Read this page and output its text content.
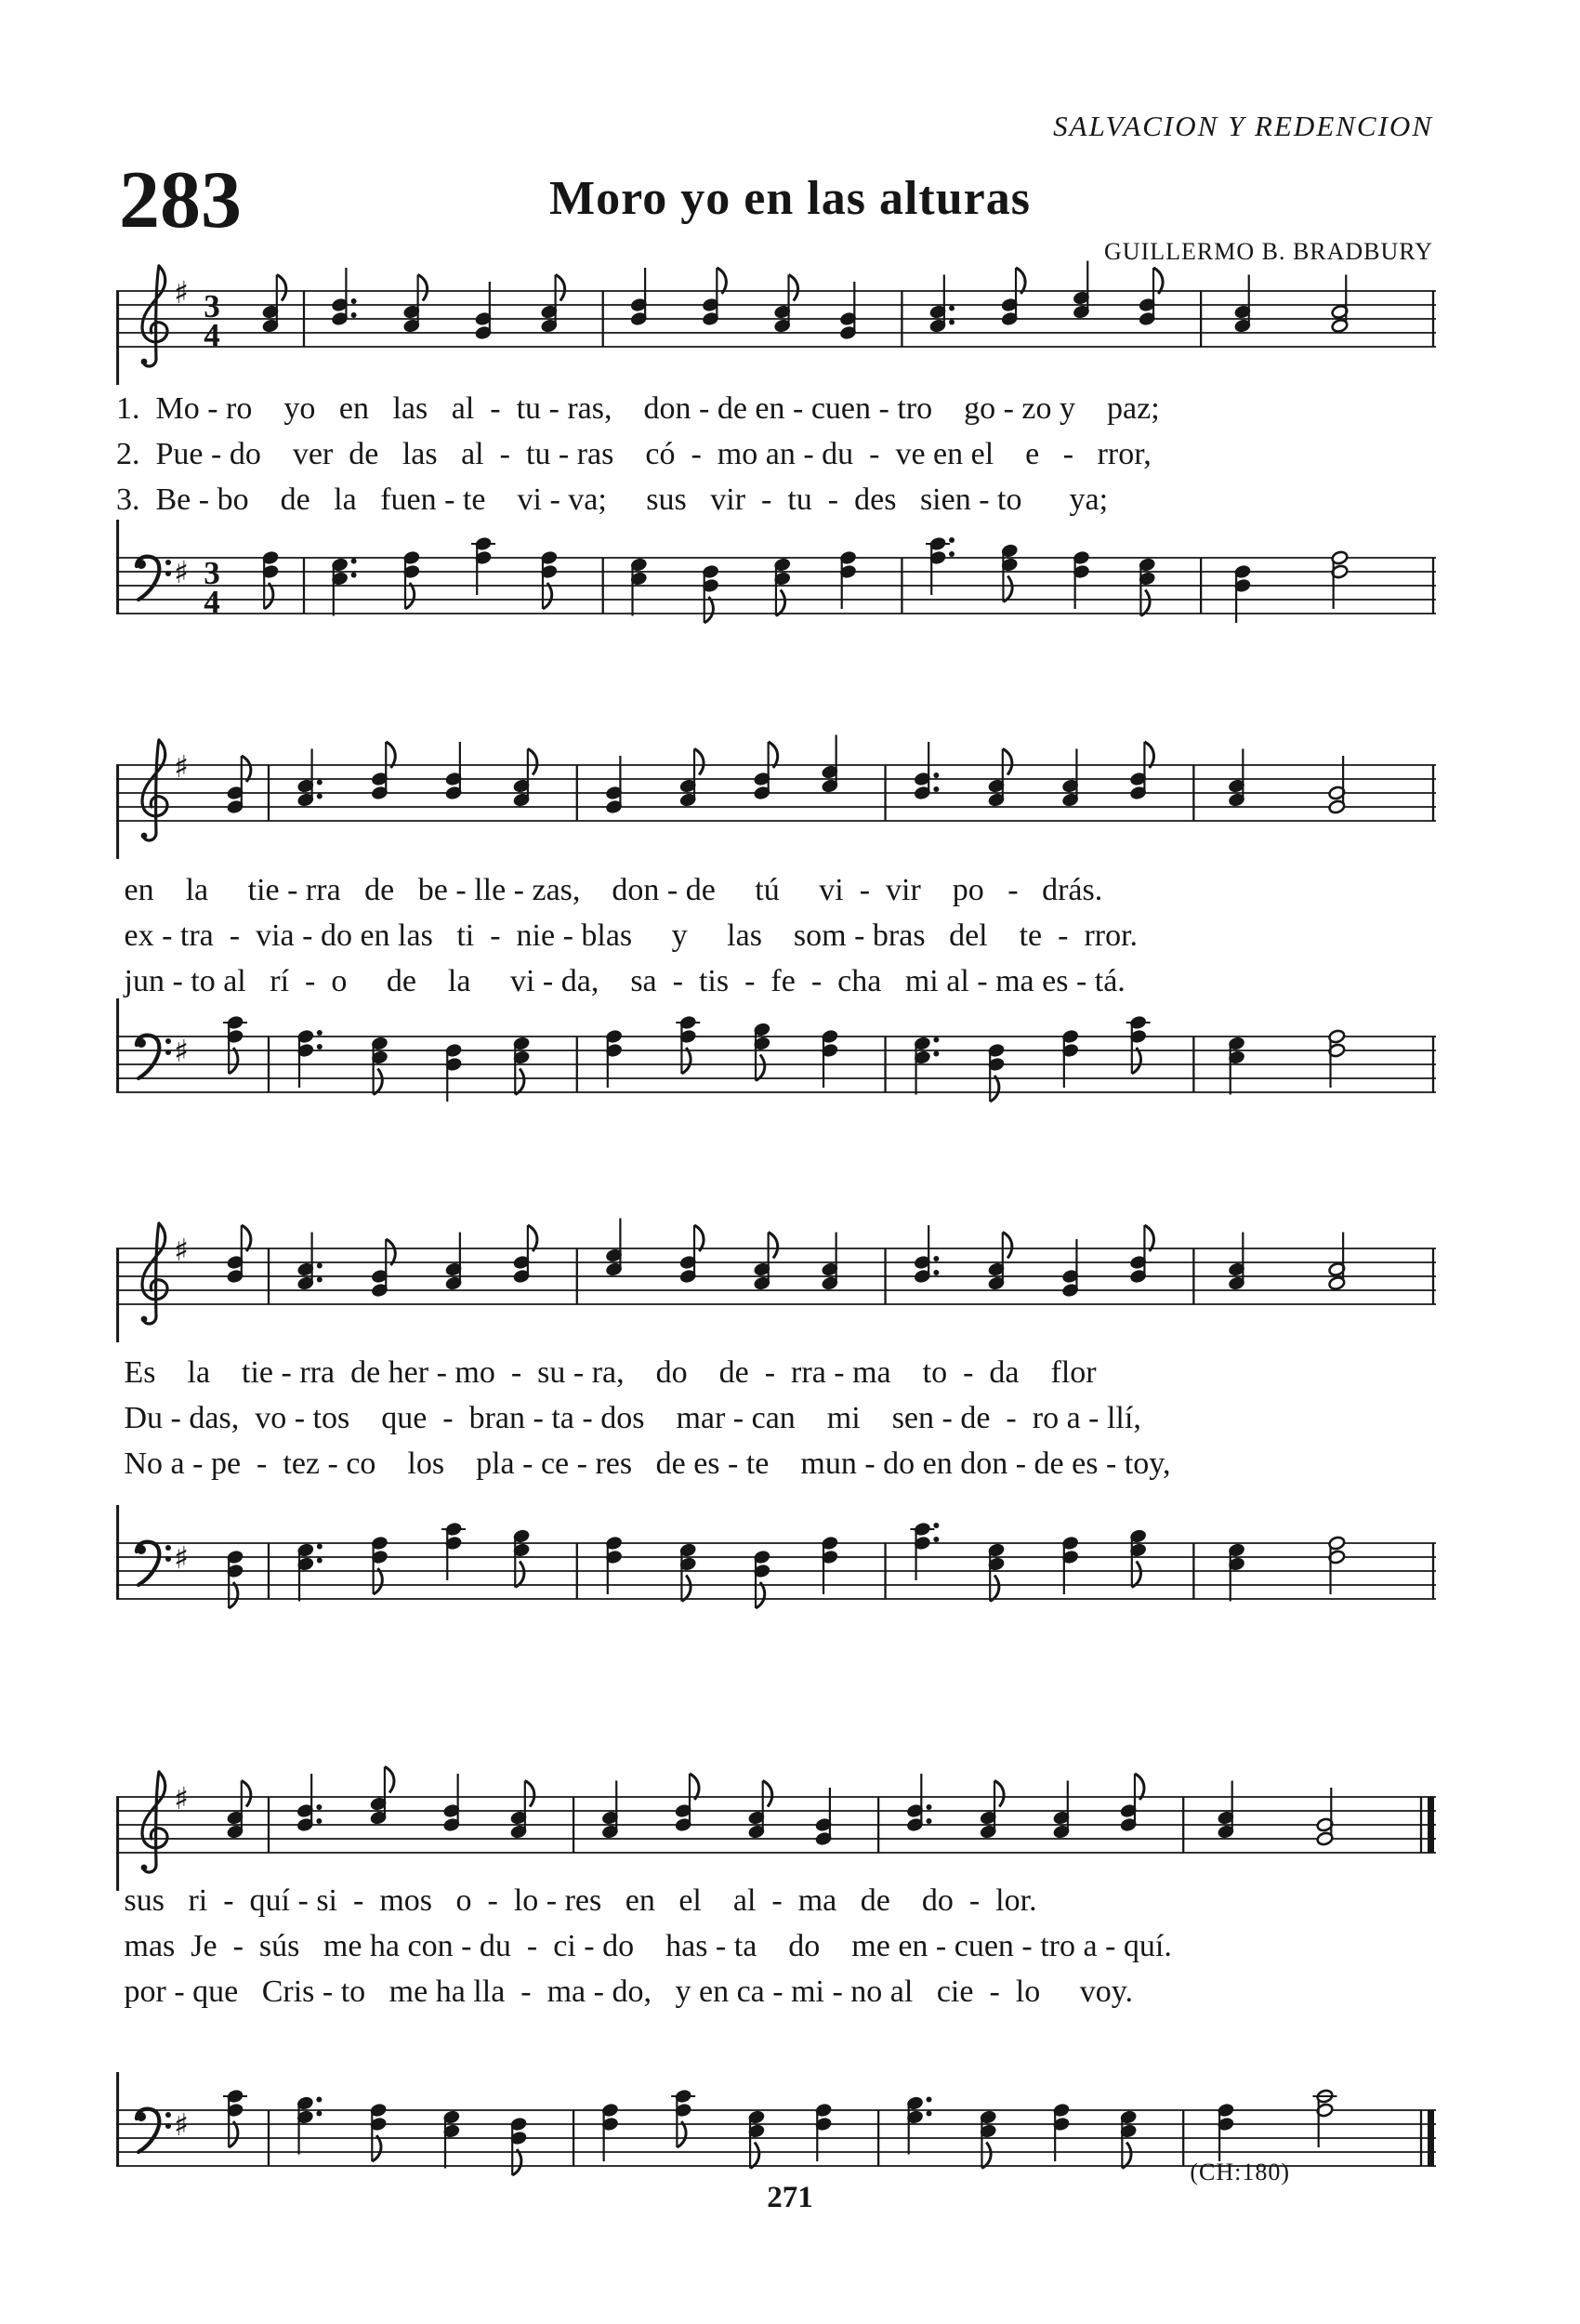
SALVACION Y REDENCION
283	Moro yo en las alturas
GUILLERMO B. BRADBURY
♯ 3
4

1.  Mo - ro    yo   en   las   al  -  tu - ras,    don - de en - cuen - tro    go - zo y    paz;

2.  Pue - do    ver  de   las   al  -  tu - ras    có  -  mo an - du  -  ve en el    e   -   rror,

3.  Be - bo    de   la   fuen - te    vi - va;     sus   vir  -  tu  -  des   sien - to      ya;

♯ 3
4
♯

en    la     tie - rra   de   be - lle - zas,    don - de     tú     vi  -  vir    po   -   drás.

ex - tra  -  via - do en las   ti  -  nie - blas     y     las    som - bras   del    te  -  rror.

jun - to al   rí  -  o     de    la     vi - da,    sa  -  tis  -  fe  -  cha   mi al - ma es - tá.

♯
♯

Es    la    tie - rra  de her - mo  -  su - ra,    do    de  -  rra - ma    to  -  da    flor

Du - das,  vo - tos    que  -  bran - ta - dos    mar - can    mi    sen - de  -  ro a - llí,

No a - pe  -  tez - co    los    pla - ce - res   de es - te    mun - do en don - de es - toy,

♯
♯

sus   ri  -  quí - si  -  mos   o  -  lo - res   en   el    al  -  ma   de    do  -  lor.

mas  Je  -  sús   me ha con - du  -  ci - do    has - ta    do    me en - cuen - tro a - quí.

por - que   Cris - to   me ha lla  -  ma - do,   y en ca - mi - no al   cie  -  lo     voy.

♯
(CH:180)
271
